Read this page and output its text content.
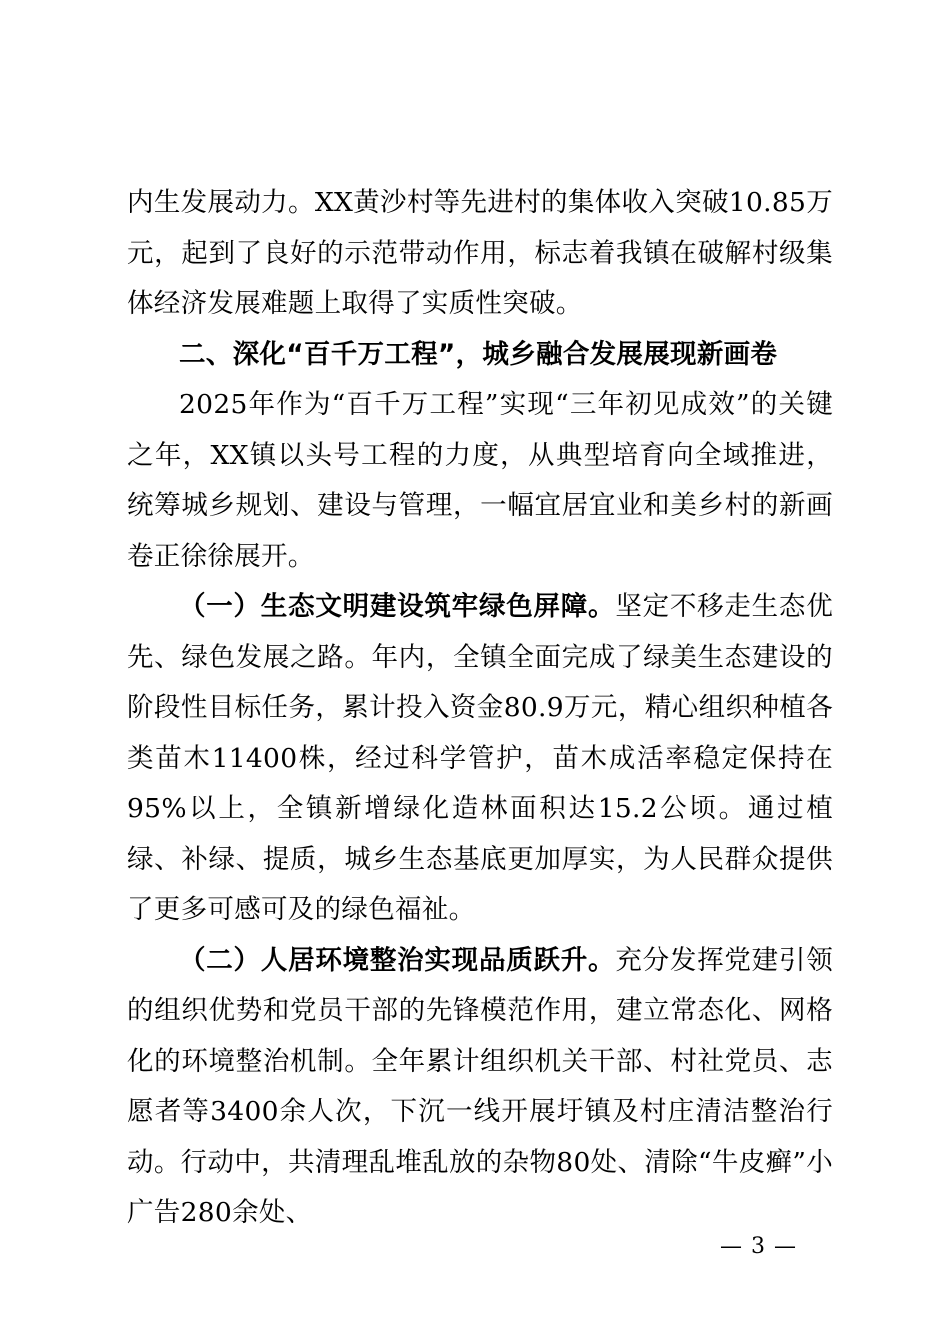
内生发展动力。XX黄沙村等先进村的集体收入突破10.85万元，起到了良好的示范带动作用，标志着我镇在破解村级集体经济发展难题上取得了实质性突破。

二、深化“百千万工程”，城乡融合发展展现新画卷

2025年作为“百千万工程”实现“三年初见成效”的关键之年，XX镇以头号工程的力度，从典型培育向全域推进，统筹城乡规划、建设与管理，一幅宜居宜业和美乡村的新画卷正徐徐展开。

（一）生态文明建设筑牢绿色屏障。坚定不移走生态优先、绿色发展之路。年内，全镇全面完成了绿美生态建设的阶段性目标任务，累计投入资金80.9万元，精心组织种植各类苗木11400株，经过科学管护，苗木成活率稳定保持在95%以上，全镇新增绿化造林面积达15.2公顷。通过植绿、补绿、提质，城乡生态基底更加厚实，为人民群众提供了更多可感可及的绿色福祉。

（二）人居环境整治实现品质跃升。充分发挥党建引领的组织优势和党员干部的先锋模范作用，建立常态化、网格化的环境整治机制。全年累计组织机关干部、村社党员、志愿者等3400余人次，下沉一线开展圩镇及村庄清洁整治行动。行动中，共清理乱堆乱放的杂物80处、清除“牛皮癣”小广告280余处、

— 3 —
